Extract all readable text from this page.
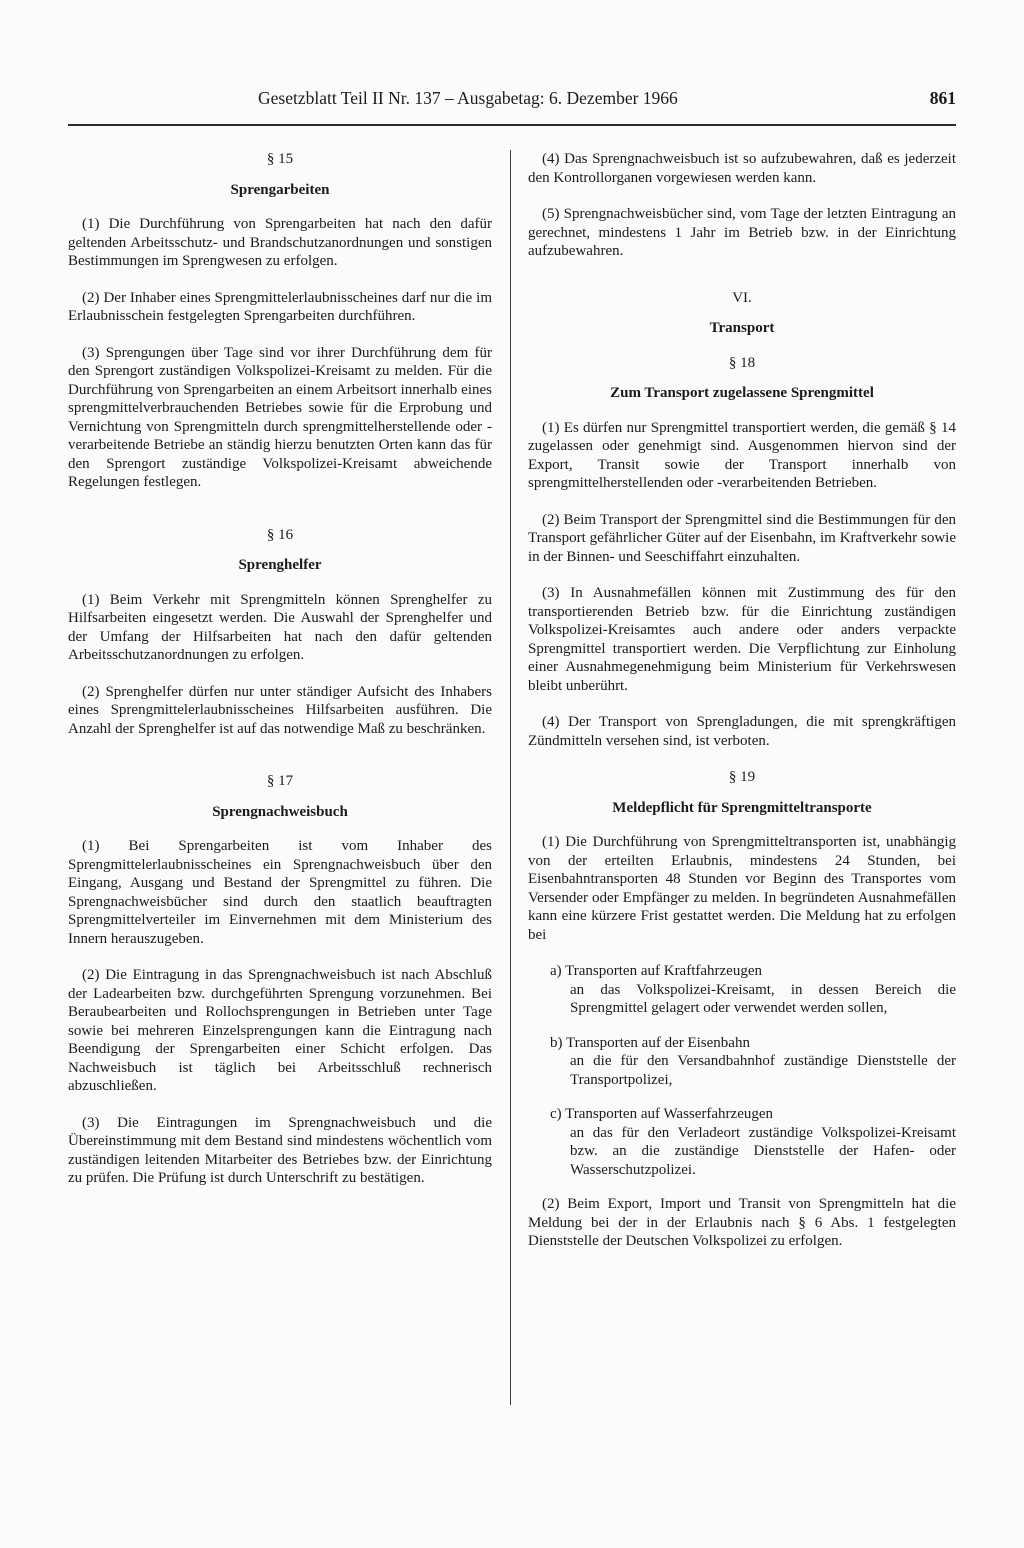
Gesetzblatt Teil II Nr. 137 – Ausgabetag: 6. Dezember 1966	861
§ 15
Sprengarbeiten

(1) Die Durchführung von Sprengarbeiten hat nach den dafür geltenden Arbeitsschutz- und Brandschutzanordnungen und sonstigen Bestimmungen im Sprengwesen zu erfolgen.

(2) Der Inhaber eines Sprengmittelerlaubnisscheines darf nur die im Erlaubnisschein festgelegten Sprengarbeiten durchführen.

(3) Sprengungen über Tage sind vor ihrer Durchführung dem für den Sprengort zuständigen Volkspolizei-Kreisamt zu melden. Für die Durchführung von Sprengarbeiten an einem Arbeitsort innerhalb eines sprengmittelverbrauchenden Betriebes sowie für die Erprobung und Vernichtung von Sprengmitteln durch sprengmittelherstellende oder -verarbeitende Betriebe an ständig hierzu benutzten Orten kann das für den Sprengort zuständige Volkspolizei-Kreisamt abweichende Regelungen festlegen.

§ 16
Sprenghelfer

(1) Beim Verkehr mit Sprengmitteln können Sprenghelfer zu Hilfsarbeiten eingesetzt werden. Die Auswahl der Sprenghelfer und der Umfang der Hilfsarbeiten hat nach den dafür geltenden Arbeitsschutzanordnungen zu erfolgen.

(2) Sprenghelfer dürfen nur unter ständiger Aufsicht des Inhabers eines Sprengmittelerlaubnisscheines Hilfsarbeiten ausführen. Die Anzahl der Sprenghelfer ist auf das notwendige Maß zu beschränken.

§ 17
Sprengnachweisbuch

(1) Bei Sprengarbeiten ist vom Inhaber des Sprengmittelerlaubnisscheines ein Sprengnachweisbuch über den Eingang, Ausgang und Bestand der Sprengmittel zu führen. Die Sprengnachweisbücher sind durch den staatlich beauftragten Sprengmittelverteiler im Einvernehmen mit dem Ministerium des Innern herauszugeben.

(2) Die Eintragung in das Sprengnachweisbuch ist nach Abschluß der Ladearbeiten bzw. durchgeführten Sprengung vorzunehmen. Bei Beraubearbeiten und Rollochsprengungen in Betrieben unter Tage sowie bei mehreren Einzelsprengungen kann die Eintragung nach Beendigung der Sprengarbeiten einer Schicht erfolgen. Das Nachweisbuch ist täglich bei Arbeitsschluß rechnerisch abzuschließen.

(3) Die Eintragungen im Sprengnachweisbuch und die Übereinstimmung mit dem Bestand sind mindestens wöchentlich vom zuständigen leitenden Mitarbeiter des Betriebes bzw. der Einrichtung zu prüfen. Die Prüfung ist durch Unterschrift zu bestätigen.

(4) Das Sprengnachweisbuch ist so aufzubewahren, daß es jederzeit den Kontrollorganen vorgewiesen werden kann.

(5) Sprengnachweisbücher sind, vom Tage der letzten Eintragung an gerechnet, mindestens 1 Jahr im Betrieb bzw. in der Einrichtung aufzubewahren.

VI.
Transport
§ 18
Zum Transport zugelassene Sprengmittel

(1) Es dürfen nur Sprengmittel transportiert werden, die gemäß § 14 zugelassen oder genehmigt sind. Ausgenommen hiervon sind der Export, Transit sowie der Transport innerhalb von sprengmittelherstellenden oder -verarbeitenden Betrieben.

(2) Beim Transport der Sprengmittel sind die Bestimmungen für den Transport gefährlicher Güter auf der Eisenbahn, im Kraftverkehr sowie in der Binnen- und Seeschiffahrt einzuhalten.

(3) In Ausnahmefällen können mit Zustimmung des für den transportierenden Betrieb bzw. für die Einrichtung zuständigen Volkspolizei-Kreisamtes auch andere oder anders verpackte Sprengmittel transportiert werden. Die Verpflichtung zur Einholung einer Ausnahmegenehmigung beim Ministerium für Verkehrswesen bleibt unberührt.

(4) Der Transport von Sprengladungen, die mit sprengkräftigen Zündmitteln versehen sind, ist verboten.

§ 19
Meldepflicht für Sprengmitteltransporte

(1) Die Durchführung von Sprengmitteltransporten ist, unabhängig von der erteilten Erlaubnis, mindestens 24 Stunden, bei Eisenbahntransporten 48 Stunden vor Beginn des Transportes vom Versender oder Empfänger zu melden. In begründeten Ausnahmefällen kann eine kürzere Frist gestattet werden. Die Meldung hat zu erfolgen bei

a) Transporten auf Kraftfahrzeugen
an das Volkspolizei-Kreisamt, in dessen Bereich die Sprengmittel gelagert oder verwendet werden sollen,
b) Transporten auf der Eisenbahn
an die für den Versandbahnhof zuständige Dienststelle der Transportpolizei,
c) Transporten auf Wasserfahrzeugen
an das für den Verladeort zuständige Volkspolizei-Kreisamt bzw. an die zuständige Dienststelle der Hafen- oder Wasserschutzpolizei.

(2) Beim Export, Import und Transit von Sprengmitteln hat die Meldung bei der in der Erlaubnis nach § 6 Abs. 1 festgelegten Dienststelle der Deutschen Volkspolizei zu erfolgen.
